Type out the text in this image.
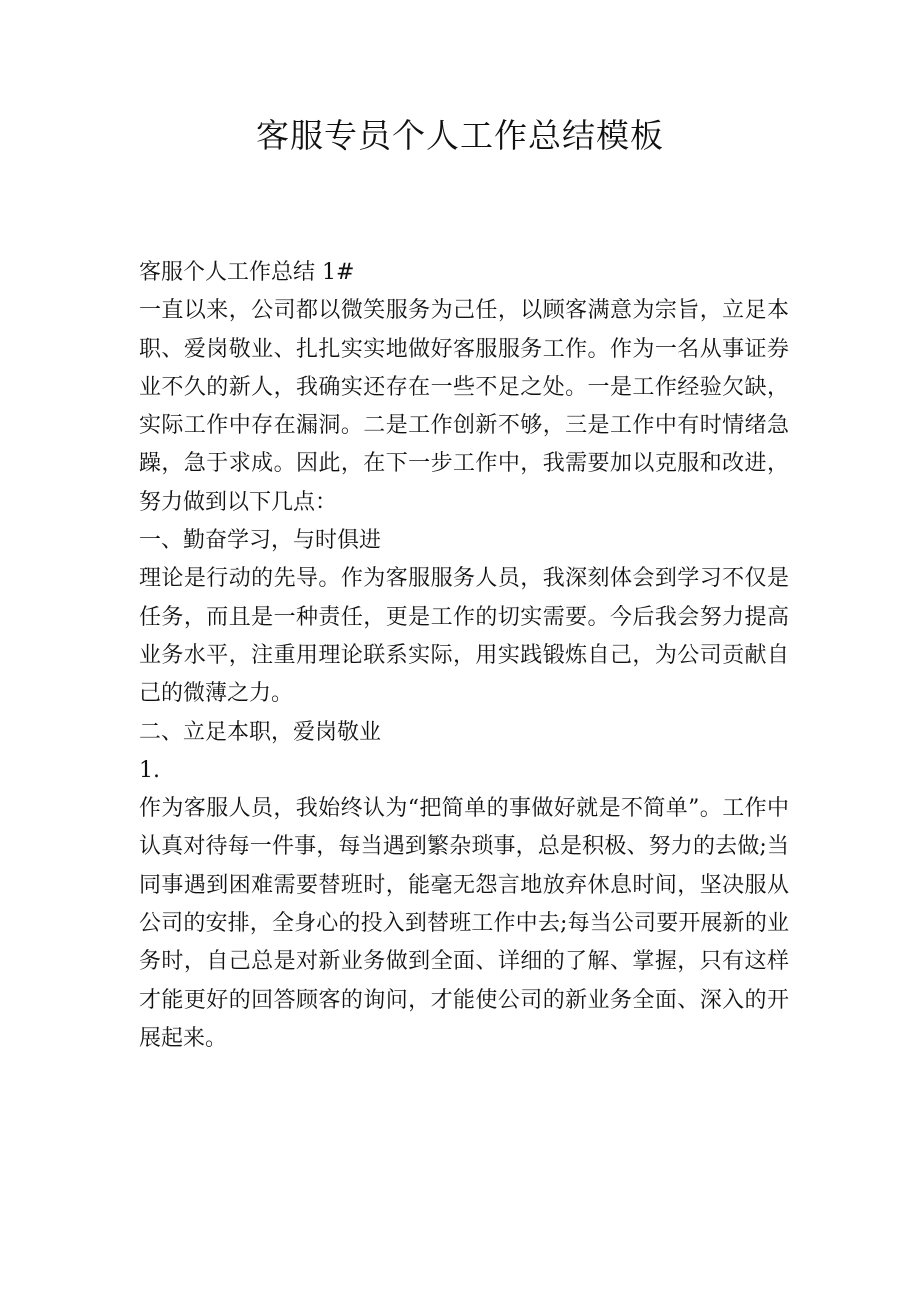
客服专员个人工作总结模板

客服个人工作总结 1#

一直以来，公司都以微笑服务为己任，以顾客满意为宗旨，立足本职、爱岗敬业、扎扎实实地做好客服服务工作。作为一名从事证券业不久的新人，我确实还存在一些不足之处。一是工作经验欠缺，实际工作中存在漏洞。二是工作创新不够，三是工作中有时情绪急躁，急于求成。因此，在下一步工作中，我需要加以克服和改进，努力做到以下几点：

一、勤奋学习，与时俱进

理论是行动的先导。作为客服服务人员，我深刻体会到学习不仅是任务，而且是一种责任，更是工作的切实需要。今后我会努力提高业务水平，注重用理论联系实际，用实践锻炼自己，为公司贡献自己的微薄之力。

二、立足本职，爱岗敬业

1.

作为客服人员，我始终认为“把简单的事做好就是不简单”。工作中认真对待每一件事，每当遇到繁杂琐事，总是积极、努力的去做;当同事遇到困难需要替班时，能毫无怨言地放弃休息时间，坚决服从公司的安排，全身心的投入到替班工作中去;每当公司要开展新的业务时，自己总是对新业务做到全面、详细的了解、掌握，只有这样才能更好的回答顾客的询问，才能使公司的新业务全面、深入的开展起来。
